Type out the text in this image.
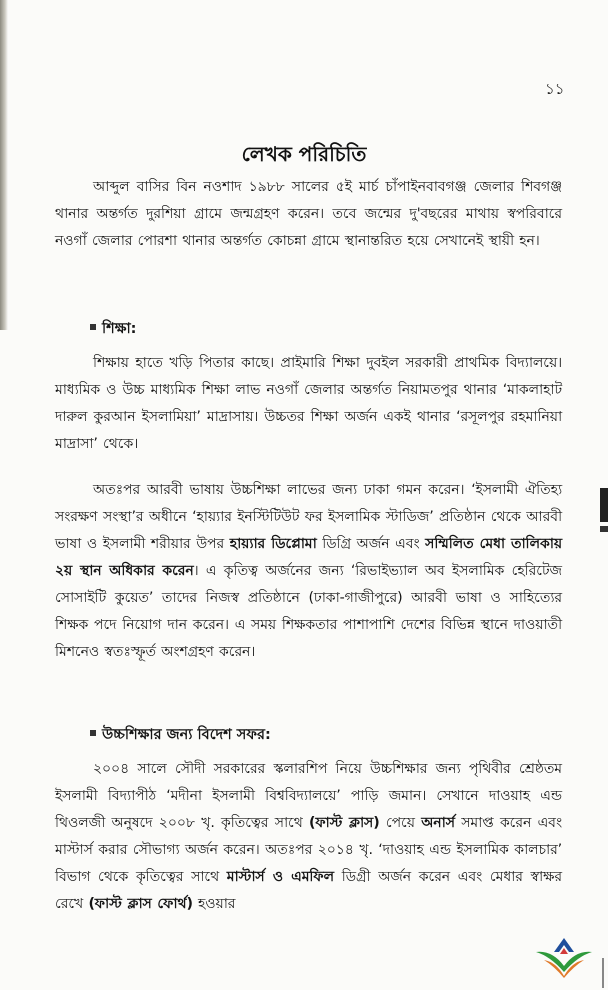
১১
লেখক পরিচিতি
আব্দুল বাসির বিন নওশাদ ১৯৮৮ সালের ৫ই মার্চ চাঁপাইনবাবগঞ্জ জেলার শিবগঞ্জ থানার অন্তর্গত দুরশিয়া গ্রামে জন্মগ্রহণ করেন। তবে জন্মের দু'বছরের মাথায় স্বপরিবারে নওগাঁ জেলার পোরশা থানার অন্তর্গত কোচন্না গ্রামে স্থানান্তরিত হয়ে সেখানেই স্থায়ী হন।
শিক্ষা:
শিক্ষায় হাতে খড়ি পিতার কাছে। প্রাইমারি শিক্ষা দুবইল সরকারী প্রাথমিক বিদ্যালয়ে। মাধ্যমিক ও উচ্চ মাধ্যমিক শিক্ষা লাভ নওগাঁ জেলার অন্তর্গত নিয়ামতপুর থানার ‘মাকলাহাট দারুল কুরআন ইসলামিয়া’ মাদ্রাসায়। উচ্চতর শিক্ষা অর্জন একই থানার ‘রসূলপুর রহমানিয়া মাদ্রাসা’ থেকে।
অতঃপর আরবী ভাষায় উচ্চশিক্ষা লাভের জন্য ঢাকা গমন করেন। ‘ইসলামী ঐতিহ্য সংরক্ষণ সংস্থা’র অধীনে ‘হায়্যার ইনস্টিটিউট ফর ইসলামিক স্টাডিজ’ প্রতিষ্ঠান থেকে আরবী ভাষা ও ইসলামী শরীয়ার উপর হায়্যার ডিপ্লোমা ডিগ্রি অর্জন এবং সম্মিলিত মেধা তালিকায় ২য় স্থান অধিকার করেন। এ কৃতিত্ব অর্জনের জন্য ‘রিভাইভ্যাল অব ইসলামিক হেরিটেজ সোসাইটি কুয়েত’ তাদের নিজস্ব প্রতিষ্ঠানে (ঢাকা-গাজীপুরে) আরবী ভাষা ও সাহিত্যের শিক্ষক পদে নিয়োগ দান করেন। এ সময় শিক্ষকতার পাশাপাশি দেশের বিভিন্ন স্থানে দাওয়াতী মিশনেও স্বতঃস্ফূর্ত অংশগ্রহণ করেন।
উচ্চশিক্ষার জন্য বিদেশ সফর:
২০০৪ সালে সৌদী সরকারের স্কলারশিপ নিয়ে উচ্চশিক্ষার জন্য পৃথিবীর শ্রেষ্ঠতম ইসলামী বিদ্যাপীঠ ‘মদীনা ইসলামী বিশ্ববিদ্যালয়ে’ পাড়ি জমান। সেখানে দাওয়াহ এন্ড থিওলজী অনুষদে ২০০৮ খৃ. কৃতিত্বের সাথে (ফাস্ট ক্লাস) পেয়ে অনার্স সমাপ্ত করেন এবং মাস্টার্স করার সৌভাগ্য অর্জন করেন। অতঃপর ২০১৪ খৃ. ‘দাওয়াহ এন্ড ইসলামিক কালচার’ বিভাগ থেকে কৃতিত্বের সাথে মাস্টার্স ও এমফিল ডিগ্রী অর্জন করেন এবং মেধার স্বাক্ষর রেখে (ফাস্ট ক্লাস ফোর্থ) হওয়ার
